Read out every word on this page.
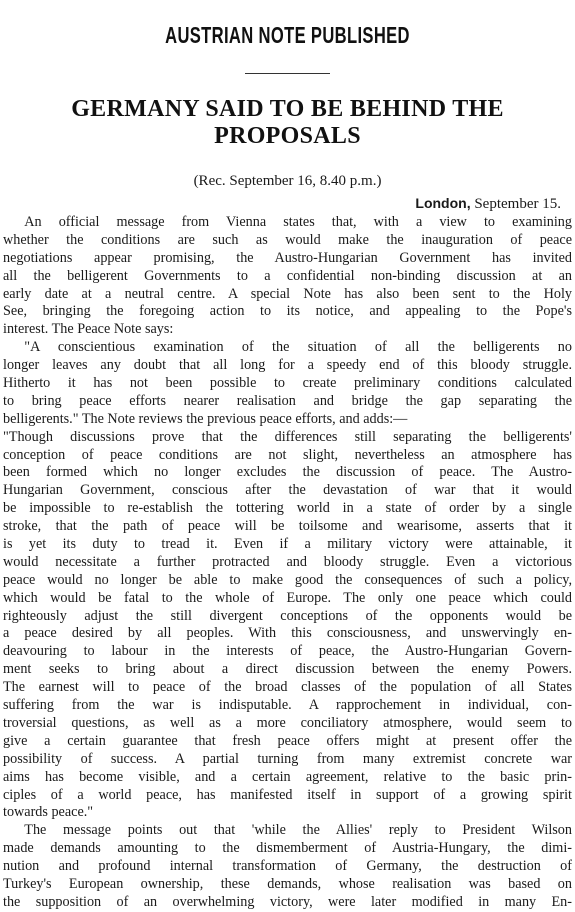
AUSTRIAN NOTE PUBLISHED
GERMANY SAID TO BE BEHIND THE PROPOSALS
(Rec. September 16, 8.40 p.m.)
London, September 15.
  An official message from Vienna states that, with a view to examining
whether the conditions are such as would make the inauguration of peace
negotiations appear promising, the Austro-Hungarian Government has invited
all the belligerent Governments to a confidential non-binding discussion at an
early date at a neutral centre. A special Note has also been sent to the Holy
See, bringing the foregoing action to its notice, and appealing to the Pope's
interest. The Peace Note says:
  "A conscientious examination of the situation of all the belligerents no
longer leaves any doubt that all long for a speedy end of this bloody struggle.
Hitherto it has not been possible to create preliminary conditions calculated
to bring peace efforts nearer realisation and bridge the gap separating the
belligerents." The Note reviews the previous peace efforts, and adds:—
"Though discussions prove that the differences still separating the belligerents'
conception of peace conditions are not slight, nevertheless an atmosphere has
been formed which no longer excludes the discussion of peace. The Austro-
Hungarian Government, conscious after the devastation of war that it would
be impossible to re-establish the tottering world in a state of order by a single
stroke, that the path of peace will be toilsome and wearisome, asserts that it
is yet its duty to tread it. Even if a military victory were attainable, it
would necessitate a further protracted and bloody struggle. Even a victorious
peace would no longer be able to make good the consequences of such a policy,
which would be fatal to the whole of Europe. The only one peace which could
righteously adjust the still divergent conceptions of the opponents would be
a peace desired by all peoples. With this consciousness, and unswervingly en-
deavouring to labour in the interests of peace, the Austro-Hungarian Govern-
ment seeks to bring about a direct discussion between the enemy Powers.
The earnest will to peace of the broad classes of the population of all States
suffering from the war is indisputable. A rapprochement in individual, con-
troversial questions, as well as a more conciliatory atmosphere, would seem to
give a certain guarantee that fresh peace offers might at present offer the
possibility of success. A partial turning from many extremist concrete war
aims has become visible, and a certain agreement, relative to the basic prin-
ciples of a world peace, has manifested itself in support of a growing spirit
towards peace."
  The message points out that 'while the Allies' reply to President Wilson
made demands amounting to the dismemberment of Austria-Hungary, the dimi-
nution and profound internal transformation of Germany, the destruction of
Turkey's European ownership, these demands, whose realisation was based on
the supposition of an overwhelming victory, were later modified in many En-
